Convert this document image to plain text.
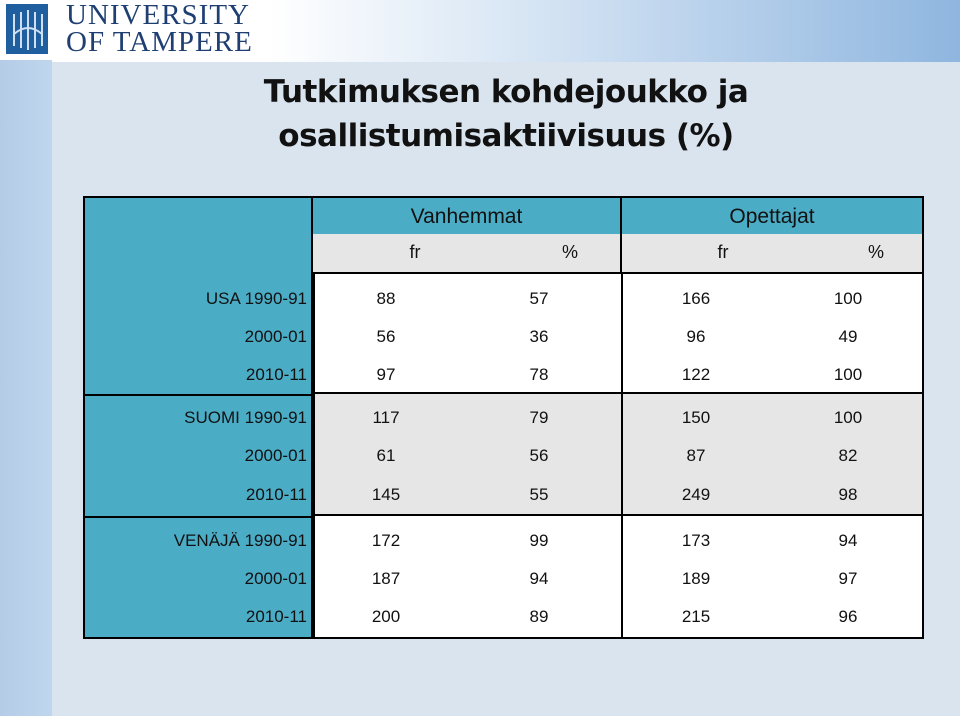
UNIVERSITY
OF TAMPERE
Tutkimuksen kohdejoukko ja
osallistumisaktiivisuus (%)
Vanhemmat	Opettajat
fr	%	fr	%
USA 1990-91	88	57	166	100
2000-01	56	36	96	49
2010-11	97	78	122	100
SUOMI 1990-91	117	79	150	100
2000-01	61	56	87	82
2010-11	145	55	249	98
VENÄJÄ 1990-91	172	99	173	94
2000-01	187	94	189	97
2010-11	200	89	215	96
